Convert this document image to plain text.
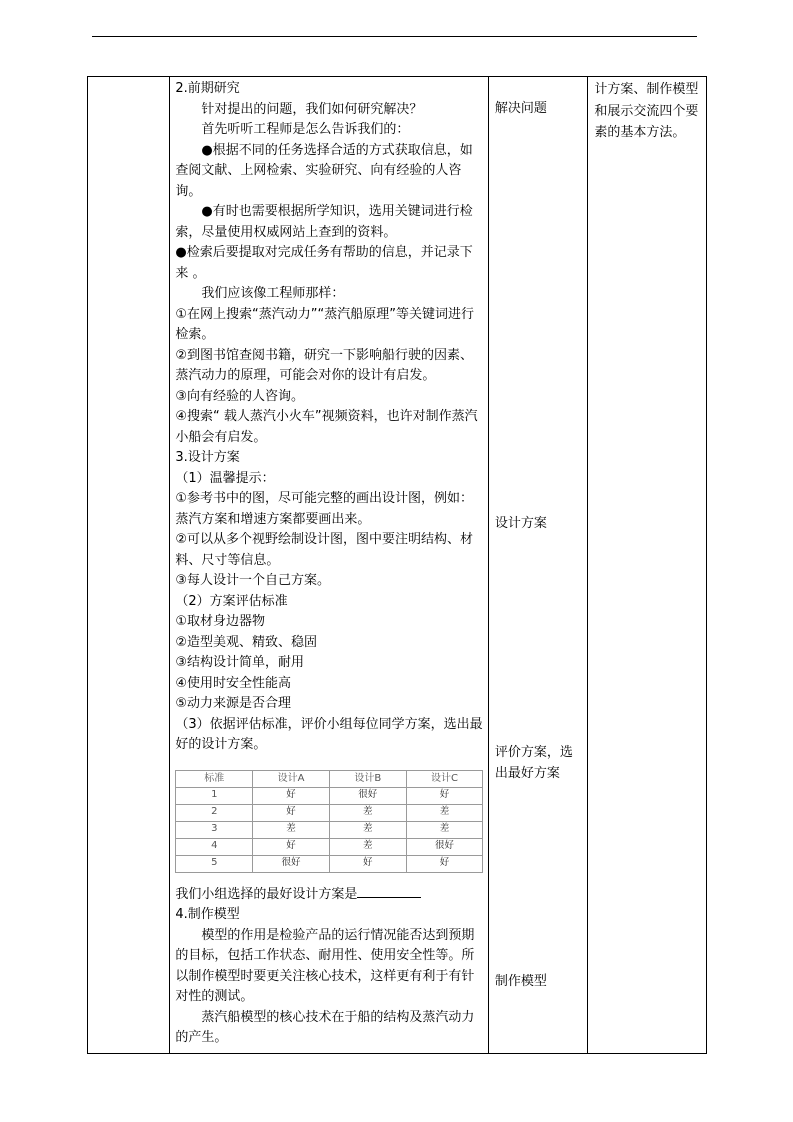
2.前期研究

针对提出的问题，我们如何研究解决？

首先听听工程师是怎么告诉我们的：

●根据不同的任务选择合适的方式获取信息，如查阅文献、上网检索、实验研究、向有经验的人咨询。

●有时也需要根据所学知识，选用关键词进行检索，尽量使用权威网站上查到的资料。

●检索后要提取对完成任务有帮助的信息，并记录下来 。

我们应该像工程师那样：

①在网上搜索“蒸汽动力”“蒸汽船原理”等关键词进行检索。

②到图书馆查阅书籍，研究一下影响船行驶的因素、蒸汽动力的原理，可能会对你的设计有启发。

③向有经验的人咨询。

④搜索“ 载人蒸汽小火车”视频资料，也许对制作蒸汽小船会有启发。

3.设计方案

（1）温馨提示：

①参考书中的图，尽可能完整的画出设计图，例如：蒸汽方案和增速方案都要画出来。

②可以从多个视野绘制设计图，图中要注明结构、材料、尺寸等信息。

③每人设计一个自己方案。

（2）方案评估标准

①取材身边器物

②造型美观、精致、稳固

③结构设计简单，耐用

④使用时安全性能高

⑤动力来源是否合理

（3）依据评估标准，评价小组每位同学方案，选出最好的设计方案。

标准	设计A	设计B	设计C
1	好	很好	好
2	好	差	差
3	差	差	差
4	好	差	很好
5	很好	好	好

我们小组选择的最好设计方案是

4.制作模型

模型的作用是检验产品的运行情况能否达到预期的目标，包括工作状态、耐用性、使用安全性等。所以制作模型时要更关注核心技术，这样更有利于有针对性的测试。

蒸汽船模型的核心技术在于船的结构及蒸汽动力的产生。

解决问题
设计方案
评价方案，选出最好方案
制作模型

计方案、制作模型和展示交流四个要素的基本方法。
